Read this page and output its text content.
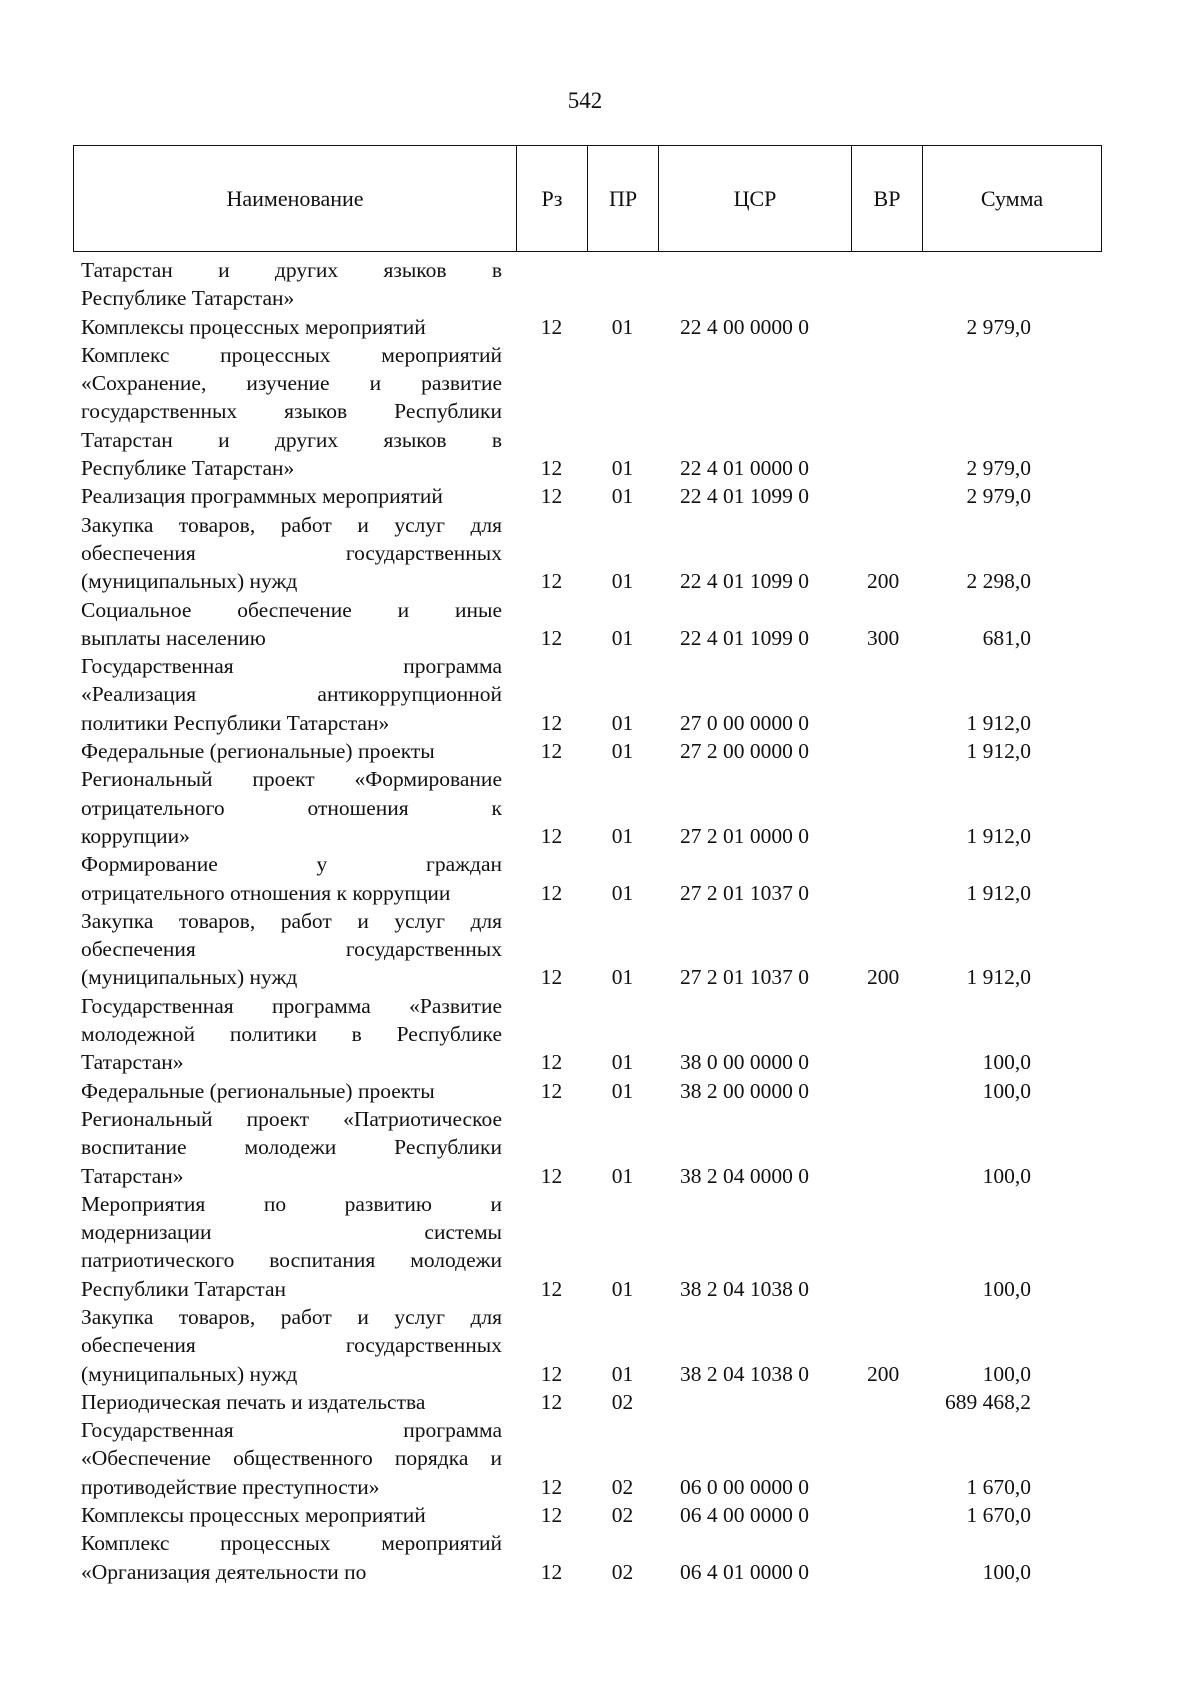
542
Наименование	Рз	ПР	ЦСР	ВР	Сумма
Татарстан и других языков в
Республике Татарстан»					

Комплексы процессных мероприятий	12	01	22 4 00 0000 0		2 979,0

Комплекс процессных мероприятий
«Сохранение, изучение и развитие
государственных языков Республики
Татарстан и других языков в
Республике Татарстан»	12	01	22 4 01 0000 0		2 979,0

Реализация программных мероприятий	12	01	22 4 01 1099 0		2 979,0

Закупка товаров, работ и услуг для
обеспечения государственных
(муниципальных) нужд	12	01	22 4 01 1099 0	200	2 298,0

Социальное обеспечение и иные
выплаты населению	12	01	22 4 01 1099 0	300	681,0

Государственная программа
«Реализация антикоррупционной
политики Республики Татарстан»	12	01	27 0 00 0000 0		1 912,0

Федеральные (региональные) проекты	12	01	27 2 00 0000 0		1 912,0

Региональный проект «Формирование
отрицательного отношения к
коррупции»	12	01	27 2 01 0000 0		1 912,0

Формирование у граждан
отрицательного отношения к коррупции	12	01	27 2 01 1037 0		1 912,0

Закупка товаров, работ и услуг для
обеспечения государственных
(муниципальных) нужд	12	01	27 2 01 1037 0	200	1 912,0

Государственная программа «Развитие
молодежной политики в Республике
Татарстан»	12	01	38 0 00 0000 0		100,0

Федеральные (региональные) проекты	12	01	38 2 00 0000 0		100,0

Региональный проект «Патриотическое
воспитание молодежи Республики
Татарстан»	12	01	38 2 04 0000 0		100,0

Мероприятия по развитию и
модернизации системы
патриотического воспитания молодежи
Республики Татарстан	12	01	38 2 04 1038 0		100,0

Закупка товаров, работ и услуг для
обеспечения государственных
(муниципальных) нужд	12	01	38 2 04 1038 0	200	100,0

Периодическая печать и издательства	12	02			689 468,2

Государственная программа
«Обеспечение общественного порядка и
противодействие преступности»	12	02	06 0 00 0000 0		1 670,0

Комплексы процессных мероприятий	12	02	06 4 00 0000 0		1 670,0

Комплекс процессных мероприятий
«Организация деятельности по	12	02	06 4 01 0000 0		100,0
